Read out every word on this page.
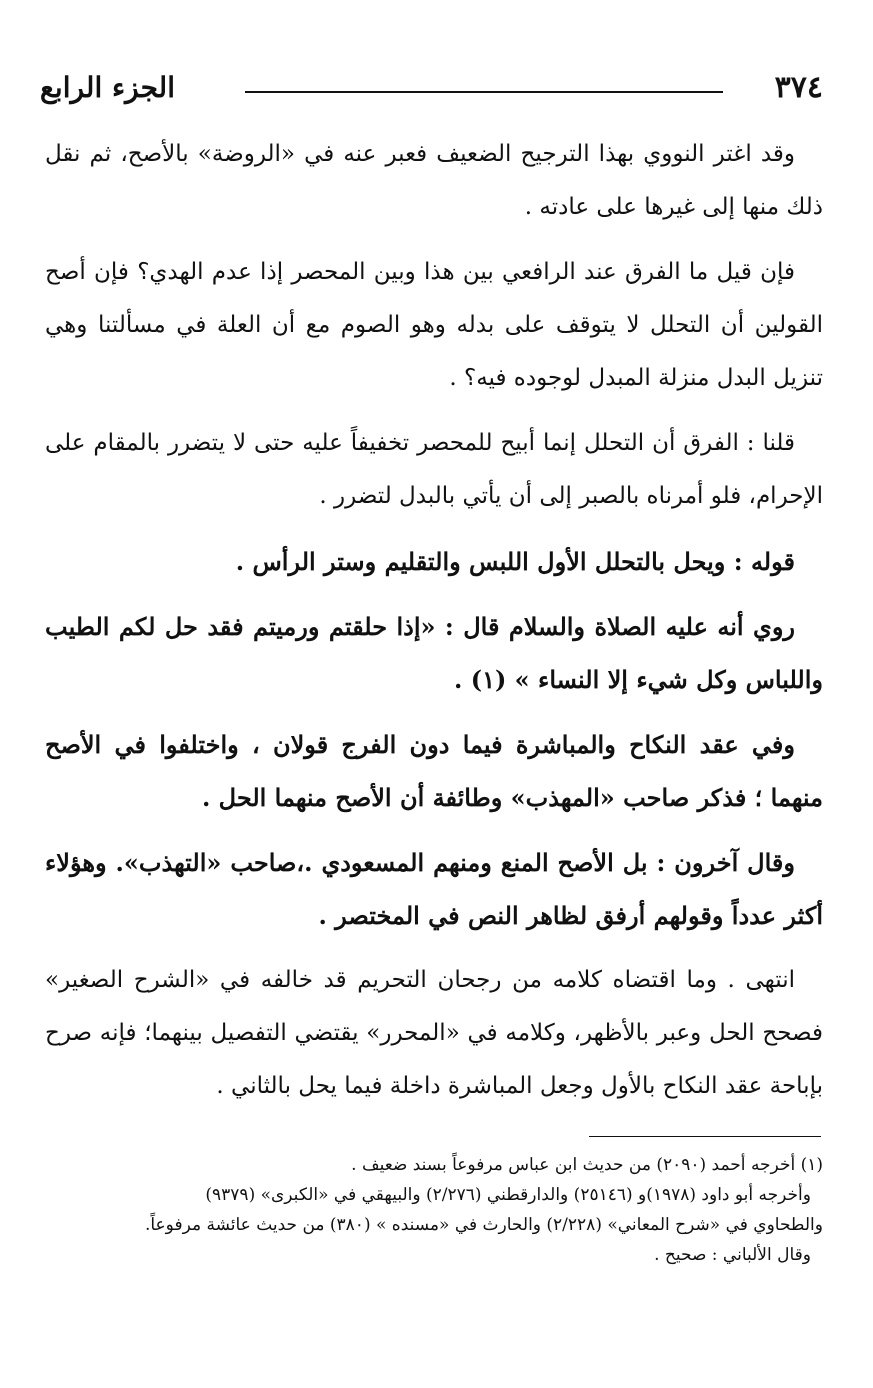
٣٧٤
الجزء الرابع

وقد اغتر النووي بهذا الترجيح الضعيف فعبر عنه في «الروضة» بالأصح، ثم نقل ذلك منها إلى غيرها على عادته .

فإن قيل ما الفرق عند الرافعي بين هذا وبين المحصر إذا عدم الهدي؟ فإن أصح القولين أن التحلل لا يتوقف على بدله وهو الصوم مع أن العلة في مسألتنا وهي تنزيل البدل منزلة المبدل لوجوده فيه؟ .

قلنا : الفرق أن التحلل إنما أبيح للمحصر تخفيفاً عليه حتى لا يتضرر بالمقام على الإحرام، فلو أمرناه بالصبر إلى أن يأتي بالبدل لتضرر .

قوله : ويحل بالتحلل الأول اللبس والتقليم وستر الرأس .

روي أنه عليه الصلاة والسلام قال : «إذا حلقتم ورميتم فقد حل لكم الطيب واللباس وكل شيء إلا النساء » (١) .

وفي عقد النكاح والمباشرة فيما دون الفرج قولان ، واختلفوا في الأصح منهما ؛ فذكر صاحب «المهذب» وطائفة أن الأصح منهما الحل .

وقال آخرون : بل الأصح المنع ومنهم المسعودي .،صاحب «التهذب». وهؤلاء أكثر عدداً وقولهم أرفق لظاهر النص في المختصر .

انتهى . وما اقتضاه كلامه من رجحان التحريم قد خالفه في «الشرح الصغير» فصحح الحل وعبر بالأظهر، وكلامه في «المحرر» يقتضي التفصيل بينهما؛ فإنه صرح بإباحة عقد النكاح بالأول وجعل المباشرة داخلة فيما يحل بالثاني .

(١) أخرجه أحمد (٢٠٩٠) من حديث ابن عباس مرفوعاً بسند ضعيف .

وأخرجه أبو داود (١٩٧٨)و (٢٥١٤٦) والدارقطني (٢/٢٧٦) والبيهقي في «الكبرى» (٩٣٧٩)

والطحاوي في «شرح المعاني» (٢/٢٢٨) والحارث في «مسنده » (٣٨٠) من حديث عائشة مرفوعاً.

وقال الألباني : صحيح .
